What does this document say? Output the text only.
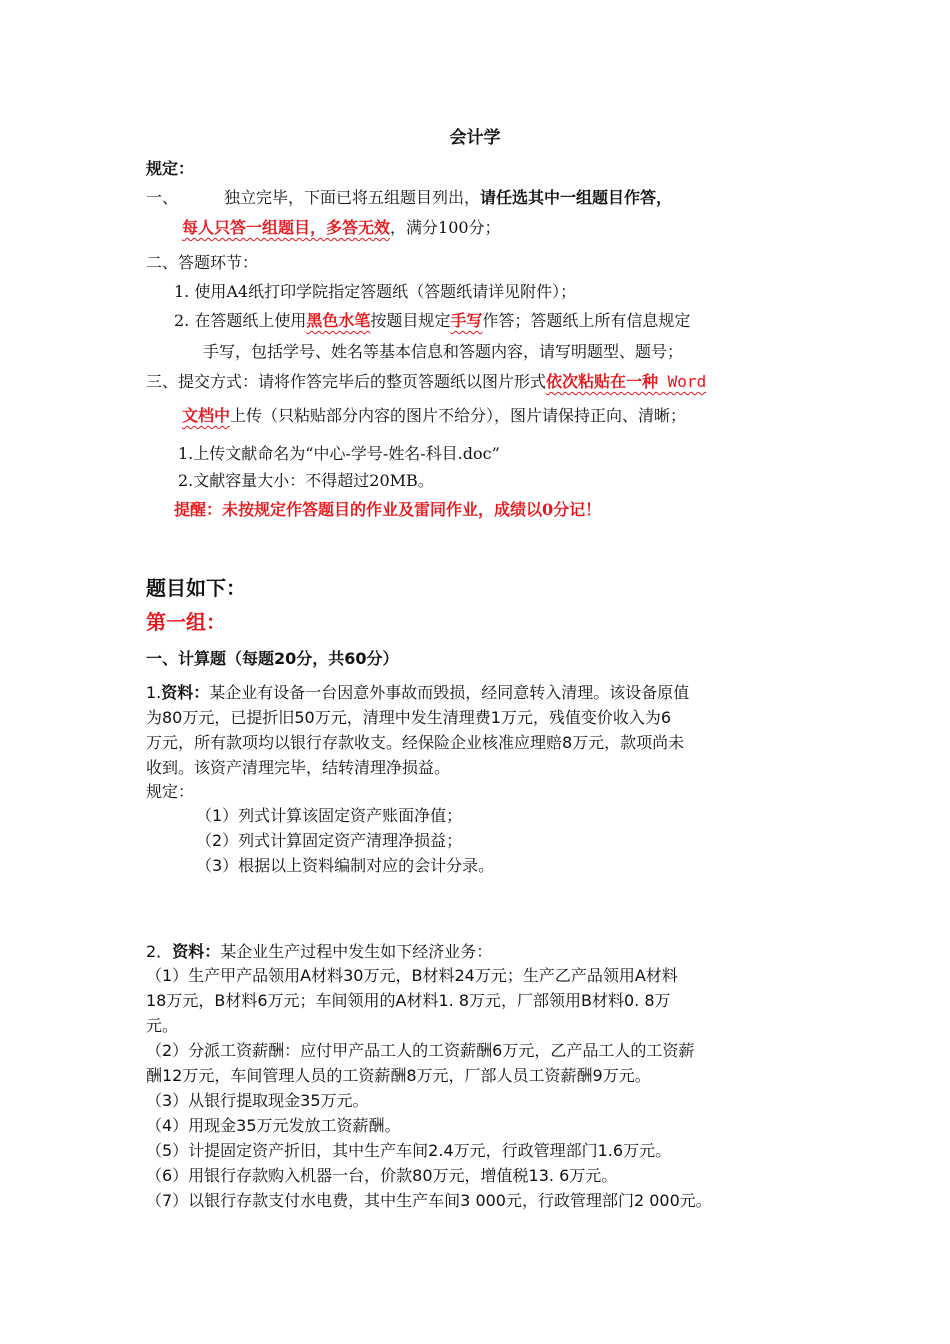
会计学
规定：
一、	独立完毕，下面已将五组题目列出，请任选其中一组题目作答，
每人只答一组题目，多答无效，满分100分；
二、答题环节：
1. 使用A4纸打印学院指定答题纸（答题纸请详见附件）；
2. 在答题纸上使用黑色水笔按题目规定手写作答；答题纸上所有信息规定
手写，包括学号、姓名等基本信息和答题内容，请写明题型、题号；
三、提交方式：请将作答完毕后的整页答题纸以图片形式依次粘贴在一种 Word
文档中上传（只粘贴部分内容的图片不给分），图片请保持正向、清晰；
1.上传文献命名为“中心-学号-姓名-科目.doc”
2.文献容量大小：不得超过20MB。
提醒：未按规定作答题目的作业及雷同作业，成绩以0分记！
题目如下：
第一组：
一、计算题（每题20分，共60分）
1.资料：某企业有设备一台因意外事故而毁损，经同意转入清理。该设备原值
为80万元，已提折旧50万元，清理中发生清理费1万元，残值变价收入为6
万元，所有款项均以银行存款收支。经保险企业核准应理赔8万元，款项尚未
收到。该资产清理完毕，结转清理净损益。
规定：
（1）列式计算该固定资产账面净值；
（2）列式计算固定资产清理净损益；
（3）根据以上资料编制对应的会计分录。
2．资料：某企业生产过程中发生如下经济业务：
（1）生产甲产品领用A材料30万元，B材料24万元；生产乙产品领用A材料
18万元，B材料6万元；车间领用的A材料1. 8万元，厂部领用B材料0. 8万
元。
（2）分派工资薪酬：应付甲产品工人的工资薪酬6万元，乙产品工人的工资薪
酬12万元，车间管理人员的工资薪酬8万元，厂部人员工资薪酬9万元。
（3）从银行提取现金35万元。
（4）用现金35万元发放工资薪酬。
（5）计提固定资产折旧，其中生产车间2.4万元，行政管理部门1.6万元。
（6）用银行存款购入机器一台，价款80万元，增值税13. 6万元。
（7）以银行存款支付水电费，其中生产车间3 000元，行政管理部门2 000元。
